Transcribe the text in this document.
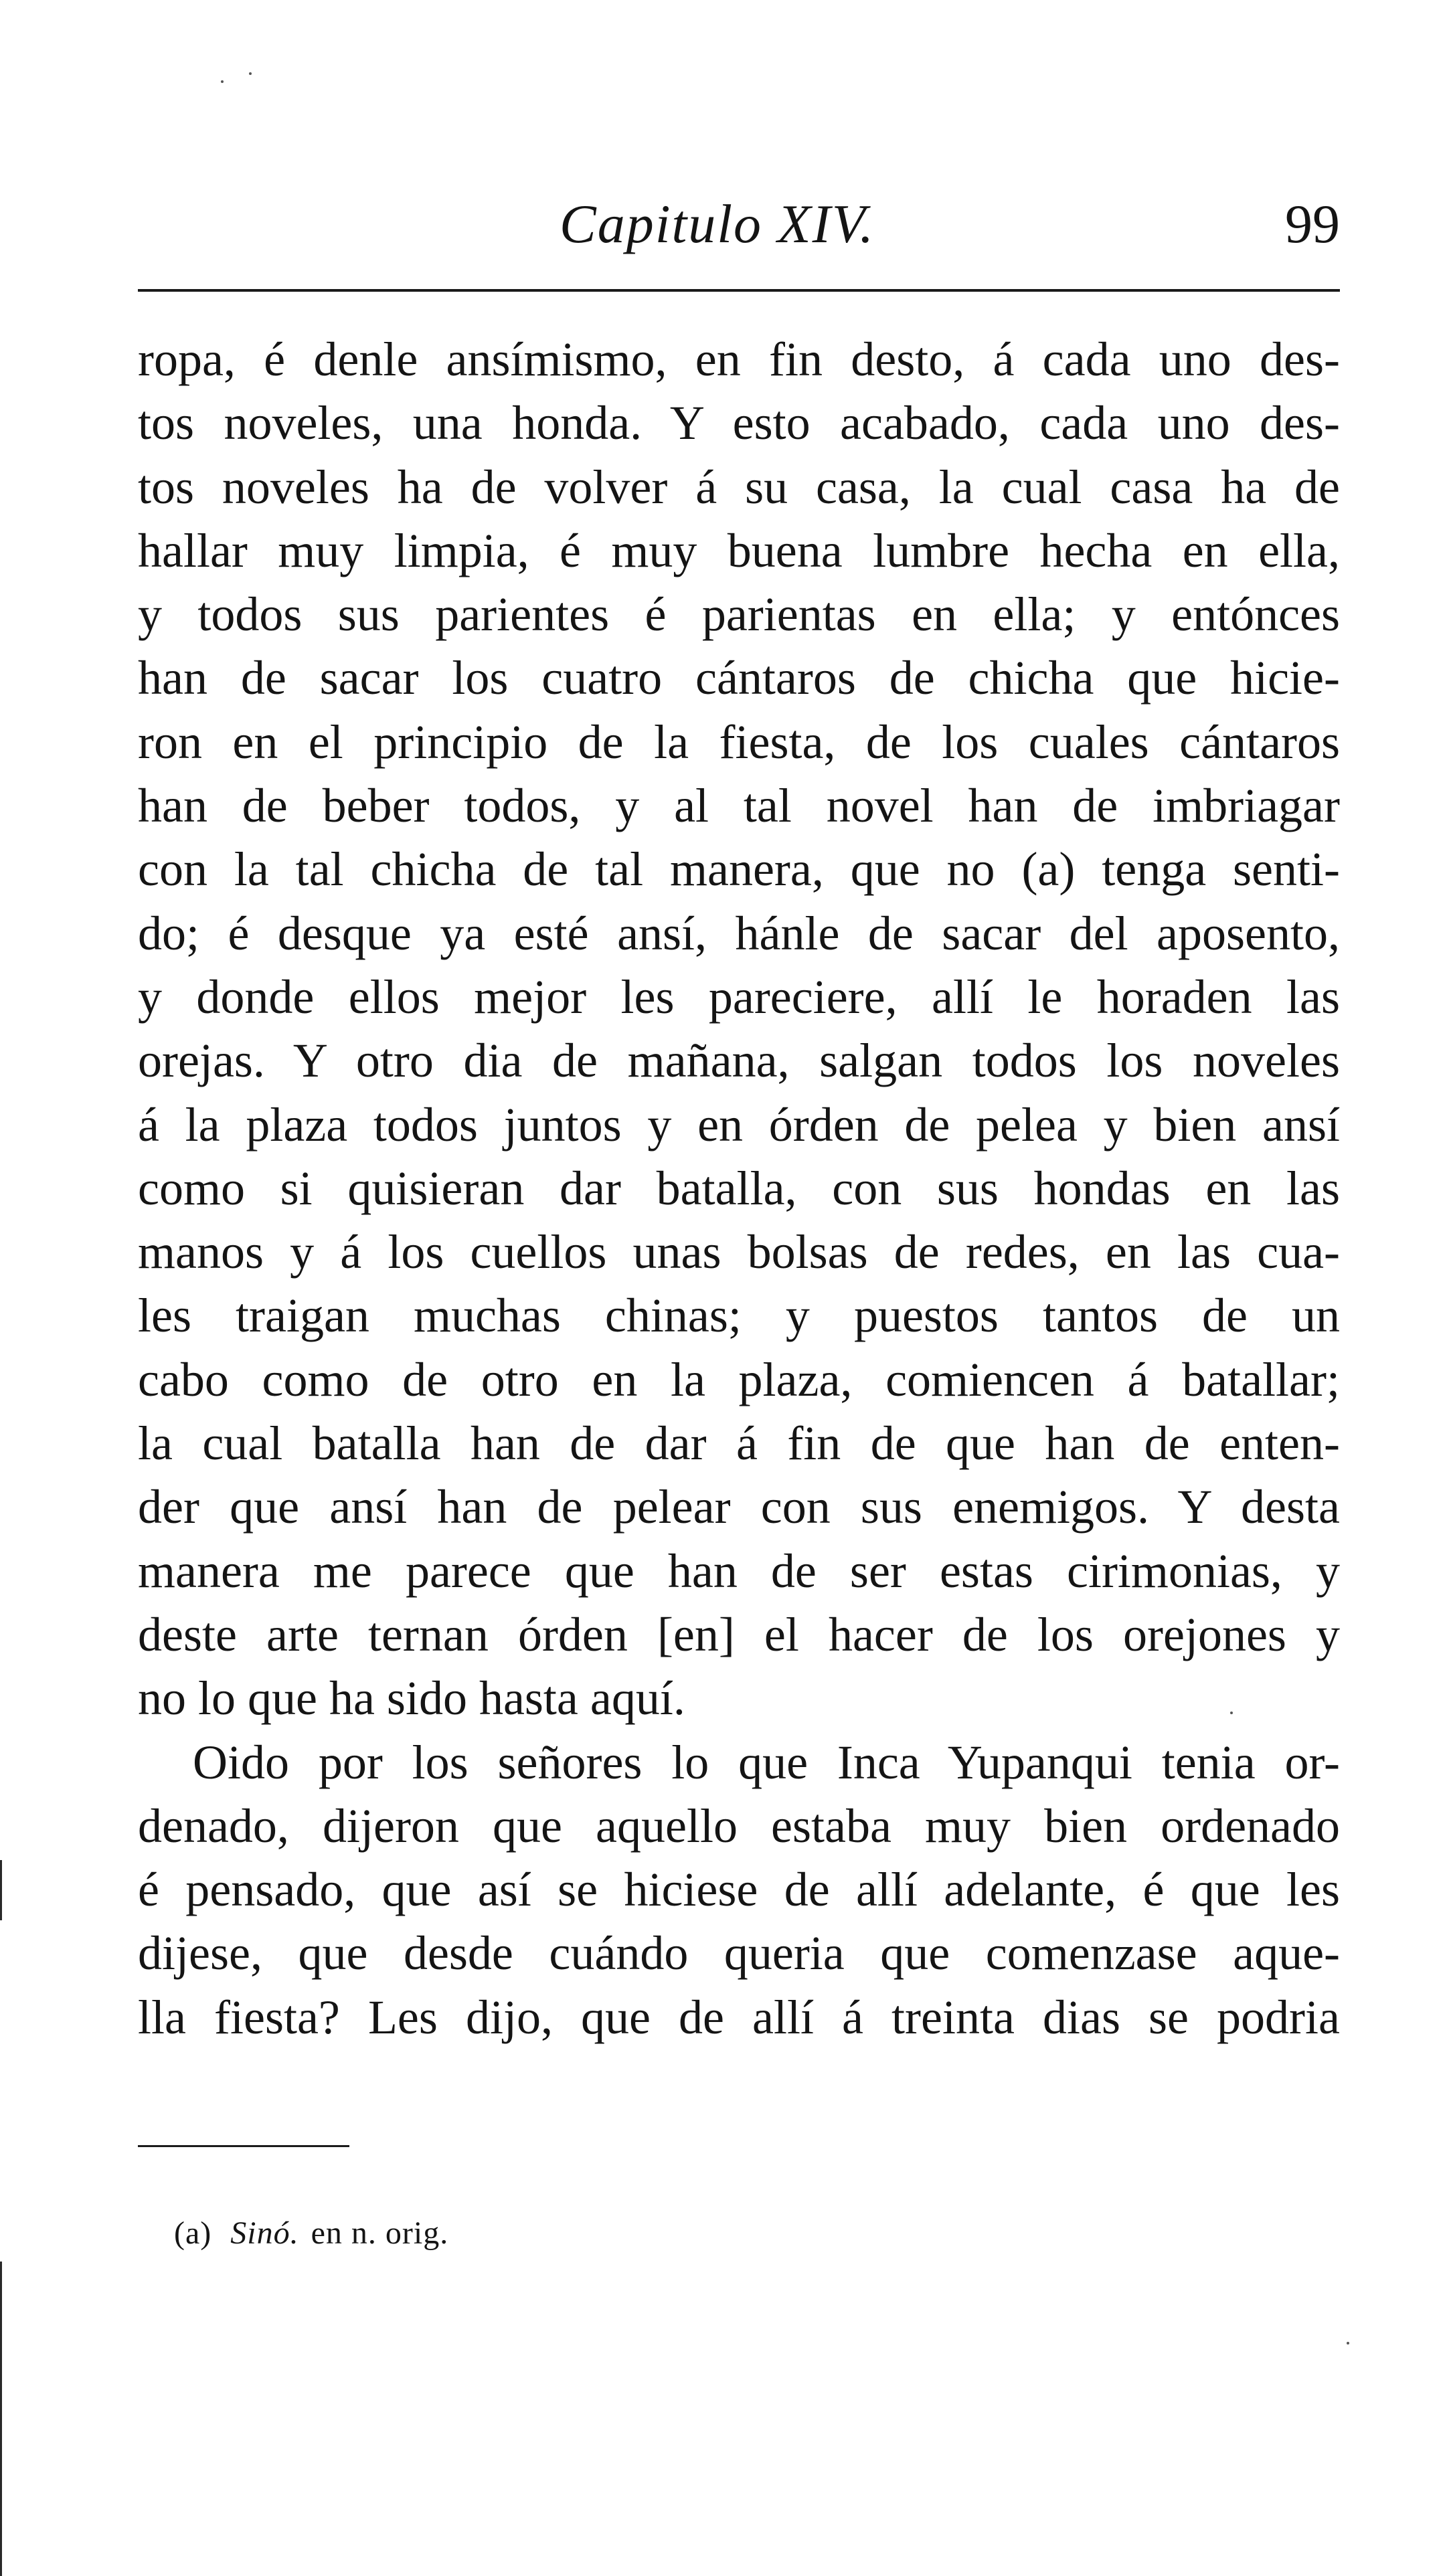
Capitulo XIV.	99
ropa, é denle ansímismo, en fin desto, á cada uno des-
tos noveles, una honda. Y esto acabado, cada uno des-
tos noveles ha de volver á su casa, la cual casa ha de
hallar muy limpia, é muy buena lumbre hecha en ella,
y todos sus parientes é parientas en ella; y entónces
han de sacar los cuatro cántaros de chicha que hicie-
ron en el principio de la fiesta, de los cuales cántaros
han de beber todos, y al tal novel han de imbriagar
con la tal chicha de tal manera, que no (a) tenga senti-
do; é desque ya esté ansí, hánle de sacar del aposento,
y donde ellos mejor les pareciere, allí le horaden las
orejas. Y otro dia de mañana, salgan todos los noveles
á la plaza todos juntos y en órden de pelea y bien ansí
como si quisieran dar batalla, con sus hondas en las
manos y á los cuellos unas bolsas de redes, en las cua-
les traigan muchas chinas; y puestos tantos de un
cabo como de otro en la plaza, comiencen á batallar;
la cual batalla han de dar á fin de que han de enten-
der que ansí han de pelear con sus enemigos. Y desta
manera me parece que han de ser estas cirimonias, y
deste arte ternan órden [en] el hacer de los orejones y
no lo que ha sido hasta aquí.
Oido por los señores lo que Inca Yupanqui tenia or-
denado, dijeron que aquello estaba muy bien ordenado
é pensado, que así se hiciese de allí adelante, é que les
dijese, que desde cuándo queria que comenzase aque-
lla fiesta? Les dijo, que de allí á treinta dias se podria
(a) Sinó. en n. orig.
